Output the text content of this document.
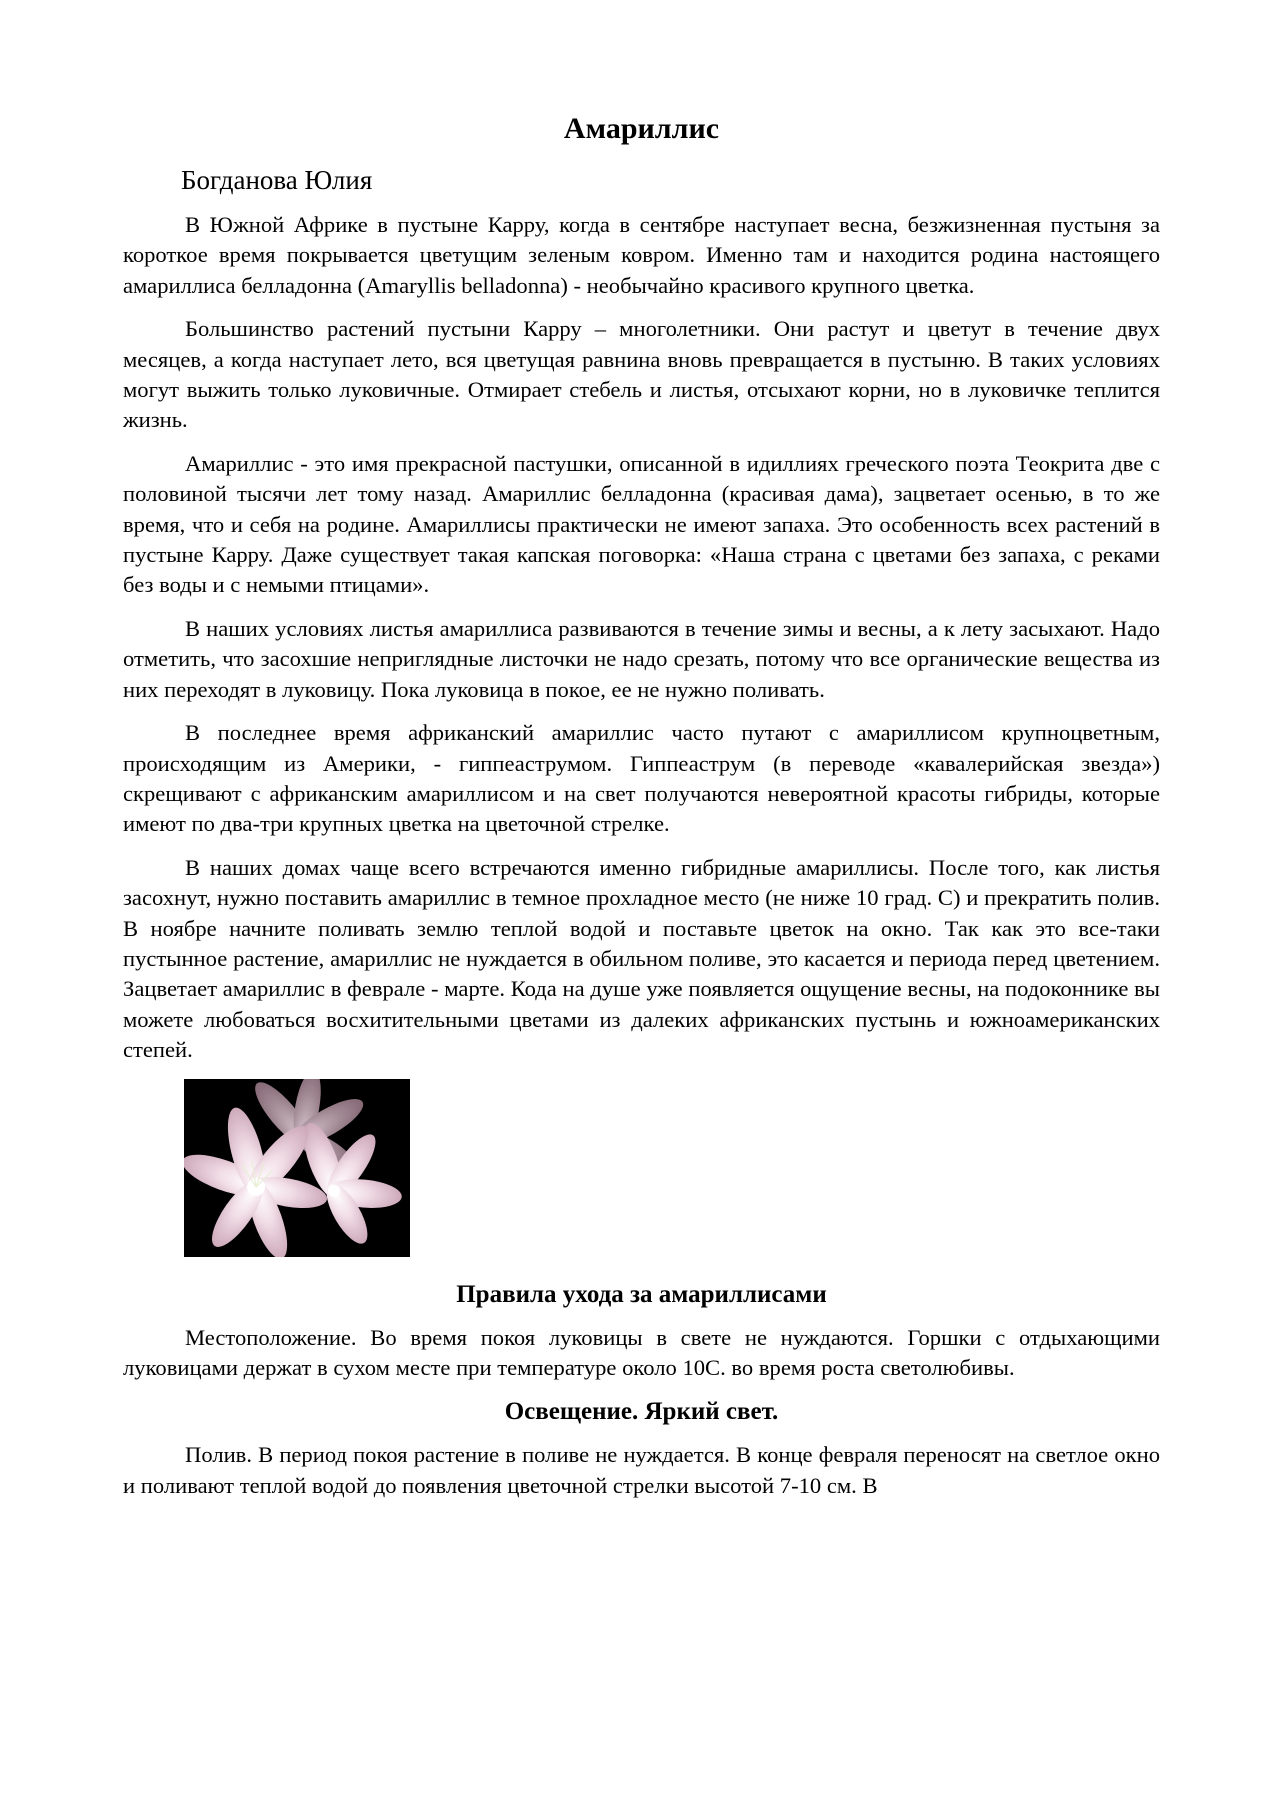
Амариллис

Богданова Юлия

В Южной Африке в пустыне Карру, когда в сентябре наступает весна, безжизненная пустыня за короткое время покрывается цветущим зеленым ковром. Именно там и находится родина настоящего амариллиса белладонна (Amaryllis belladonna) - необычайно красивого крупного цветка.

Большинство растений пустыни Карру – многолетники. Они растут и цветут в течение двух месяцев, а когда наступает лето, вся цветущая равнина вновь превращается в пустыню. В таких условиях могут выжить только луковичные. Отмирает стебель и листья, отсыхают корни, но в луковичке теплится жизнь.

Амариллис - это имя прекрасной пастушки, описанной в идиллиях греческого поэта Теокрита две с половиной тысячи лет тому назад. Амариллис белладонна (красивая дама), зацветает осенью, в то же время, что и себя на родине. Амариллисы практически не имеют запаха. Это особенность всех растений в пустыне Карру. Даже существует такая капская поговорка: «Наша страна с цветами без запаха, с реками без воды и с немыми птицами».

В наших условиях листья амариллиса развиваются в течение зимы и весны, а к лету засыхают. Надо отметить, что засохшие неприглядные листочки не надо срезать, потому что все органические вещества из них переходят в луковицу. Пока луковица в покое, ее не нужно поливать.

В последнее время африканский амариллис часто путают с амариллисом крупноцветным, происходящим из Америки, - гиппеаструмом. Гиппеаструм (в переводе «кавалерийская звезда») скрещивают с африканским амариллисом и на свет получаются невероятной красоты гибриды, которые имеют по два-три крупных цветка на цветочной стрелке.

В наших домах чаще всего встречаются именно гибридные амариллисы. После того, как листья засохнут, нужно поставить амариллис в темное прохладное место (не ниже 10 град. С) и прекратить полив. В ноябре начните поливать землю теплой водой и поставьте цветок на окно. Так как это все-таки пустынное растение, амариллис не нуждается в обильном поливе, это касается и периода перед цветением. Зацветает амариллис в феврале - марте. Кода на душе уже появляется ощущение весны, на подоконнике вы можете любоваться восхитительными цветами из далеких африканских пустынь и южноамериканских степей.

Правила ухода за амариллисами

Местоположение. Во время покоя луковицы в свете не нуждаются. Горшки с отдыхающими луковицами держат в сухом месте при температуре около 10С. во время роста светолюбивы.

Освещение. Яркий свет.

Полив. В период покоя растение в поливе не нуждается. В конце февраля переносят на светлое окно и поливают теплой водой до появления цветочной стрелки высотой 7-10 см. В
